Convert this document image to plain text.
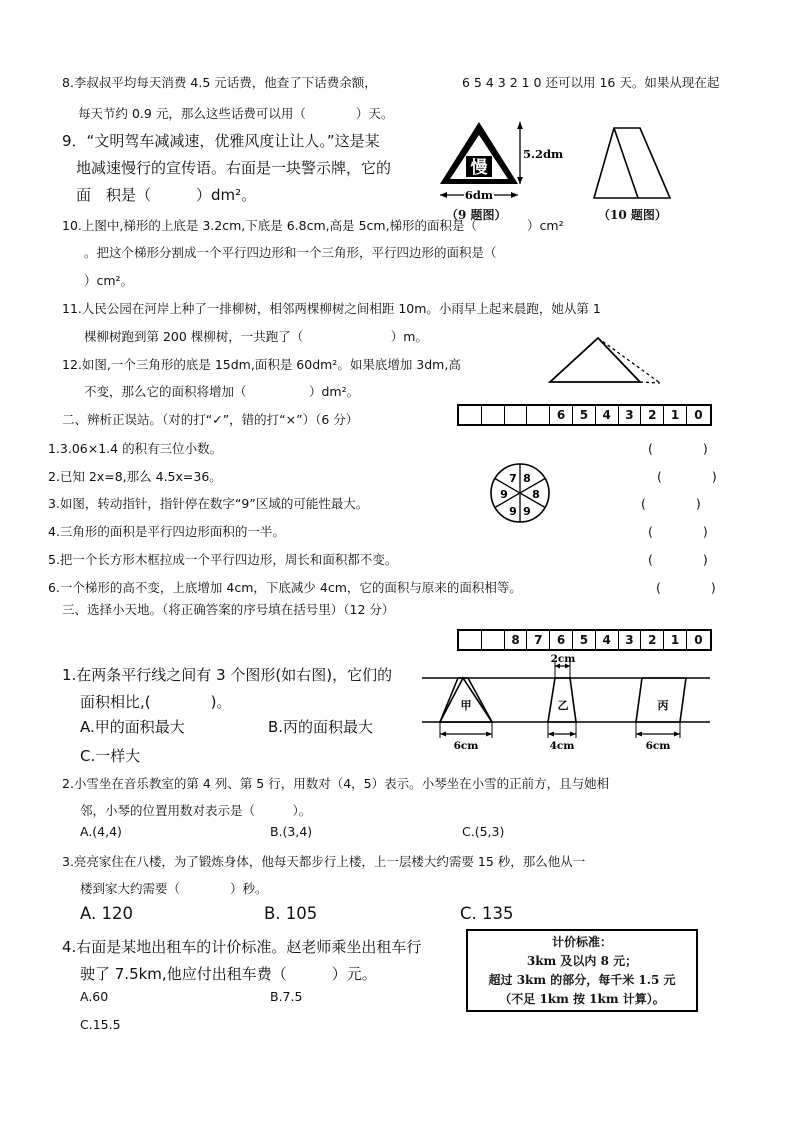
8.李叔叔平均每天消费 4.5 元话费，他查了下话费余额，	6 5 4 3 2 1 0 还可以用 16 天。如果从现在起
每天节约 0.9 元，那么这些话费可以用（　　　　）天。
9．“文明驾车减减速，优雅风度让让人。”这是某
地减速慢行的宣传语。右面是一块警示牌，它的
面　积是（　　　）dm²。
慢
5.2dm
6dm
（9 题图）	（10 题图）
10.上图中,梯形的上底是 3.2cm,下底是 6.8cm,高是 5cm,梯形的面积是（　　　　）cm²
。把这个梯形分割成一个平行四边形和一个三角形，平行四边形的面积是（
）cm²。
11.人民公园在河岸上种了一排柳树，相邻两棵柳树之间相距 10m。小雨早上起来晨跑，她从第 1
棵柳树跑到第 200 棵柳树，一共跑了（　　　　　　　）m。
12.如图,一个三角形的底是 15dm,面积是 60dm²。如果底增加 3dm,高
不变，那么它的面积将增加（　　　　　）dm²。
二、辨析正误站。（对的打“✓”，错的打“×”）（6 分）	6	5	4	3	2	1	0
1.3.06×1.4 的积有三位小数。	(　　　　)
2.已知 2x=8,那么 4.5x=36。	(　　　　)
3.如图，转动指针，指针停在数字“9”区域的可能性最大。	(　　　　)
4.三角形的面积是平行四边形面积的一半。	(　　　　)
5.把一个长方形木框拉成一个平行四边形，周长和面积都不变。	(　　　　)
6.一个梯形的高不变，上底增加 4cm，下底减少 4cm，它的面积与原来的面积相等。	(　　　　)
8
8
9
9
9
7
三、选择小天地。（将正确答案的序号填在括号里）（12 分）
8	7	6	5	4	3	2	1	0
1.在两条平行线之间有 3 个图形(如右图)，它们的
面积相比,(　　　　)。
A.甲的面积最大	B.丙的面积最大
C.一样大
甲	乙	丙
2cm
6cm	4cm	6cm
2.小雪坐在音乐教室的第 4 列、第 5 行，用数对（4，5）表示。小琴坐在小雪的正前方，且与她相
邻，小琴的位置用数对表示是（　　　）。
A.(4,4)	B.(3,4)	C.(5,3)
3.亮亮家住在八楼，为了锻炼身体，他每天都步行上楼，上一层楼大约需要 15 秒，那么他从一
楼到家大约需要（　　　　）秒。
A. 120	B. 105	C. 135
4.右面是某地出租车的计价标准。赵老师乘坐出租车行
驶了 7.5km,他应付出租车费（　　　）元。
A.60	B.7.5
C.15.5
计价标准：
3km 及以内 8 元；
超过 3km 的部分，每千米 1.5 元
（不足 1km 按 1km 计算）。
